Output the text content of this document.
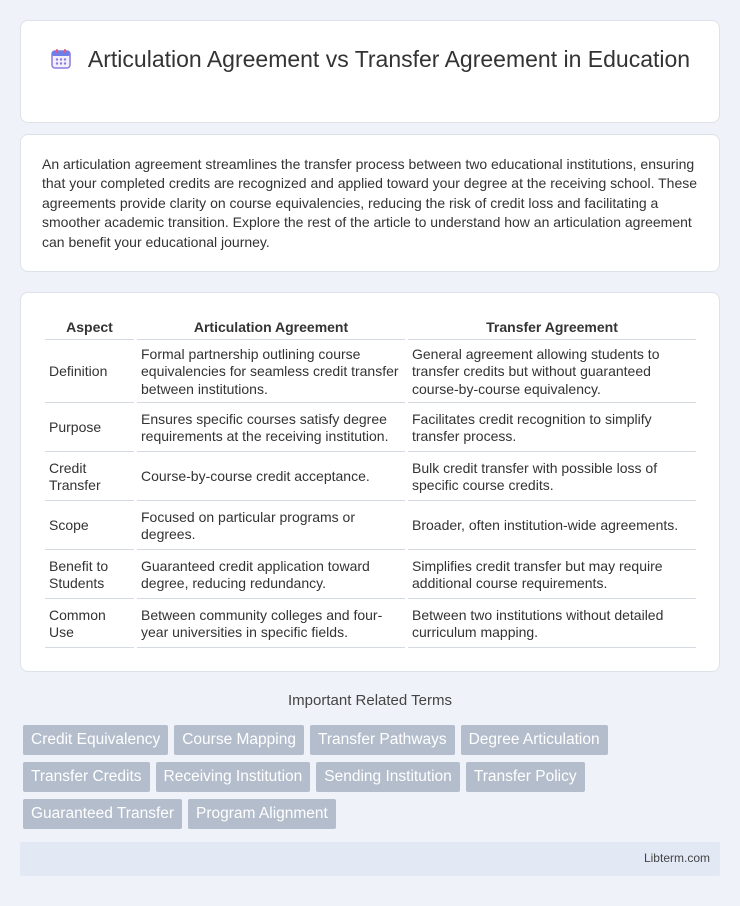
Articulation Agreement vs Transfer Agreement in Education

An articulation agreement streamlines the transfer process between two educational institutions, ensuring that your completed credits are recognized and applied toward your degree at the receiving school. These agreements provide clarity on course equivalencies, reducing the risk of credit loss and facilitating a smoother academic transition. Explore the rest of the article to understand how an articulation agreement can benefit your educational journey.

Aspect	Articulation Agreement	Transfer Agreement
Definition	Formal partnership outlining course equivalencies for seamless credit transfer between institutions.	General agreement allowing students to transfer credits but without guaranteed course-by-course equivalency.
Purpose	Ensures specific courses satisfy degree requirements at the receiving institution.	Facilitates credit recognition to simplify transfer process.
Credit Transfer	Course-by-course credit acceptance.	Bulk credit transfer with possible loss of specific course credits.
Scope	Focused on particular programs or degrees.	Broader, often institution-wide agreements.
Benefit to Students	Guaranteed credit application toward degree, reducing redundancy.	Simplifies credit transfer but may require additional course requirements.
Common Use	Between community colleges and four-year universities in specific fields.	Between two institutions without detailed curriculum mapping.
Important Related Terms
Credit Equivalency	Course Mapping	Transfer Pathways	Degree Articulation
Transfer Credits	Receiving Institution	Sending Institution	Transfer Policy
Guaranteed Transfer	Program Alignment
Libterm.com
